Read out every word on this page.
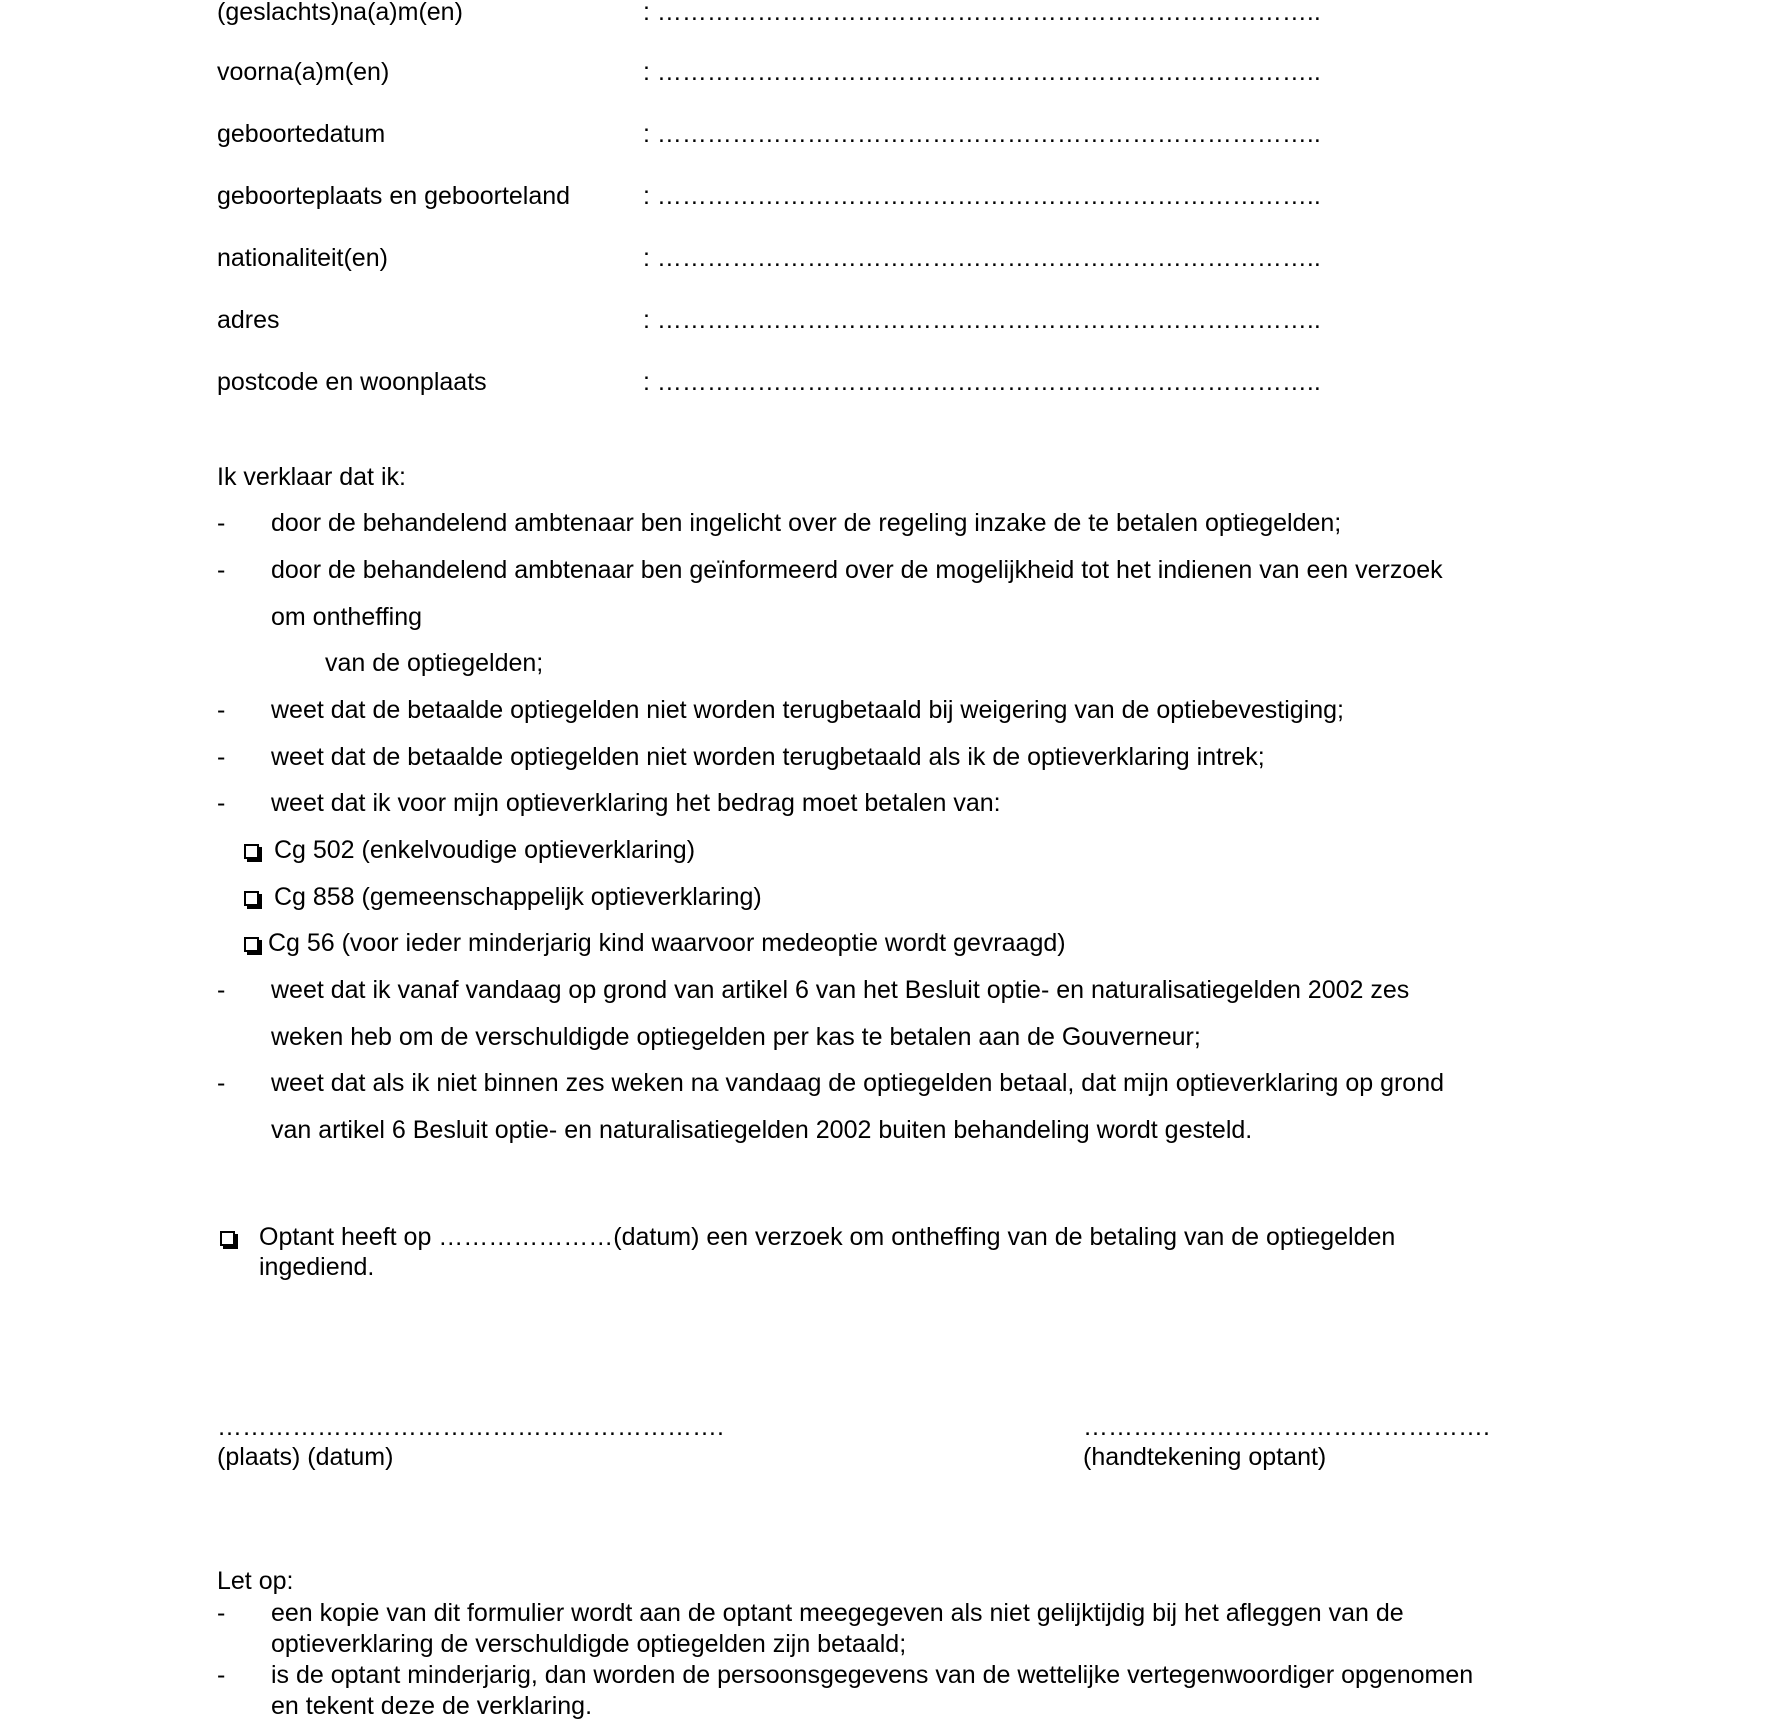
(geslachts)na(a)m(en)	: ……………………………………………………………………..
voorna(a)m(en)	: ……………………………………………………………………..
geboortedatum	: ……………………………………………………………………..
geboorteplaats en geboorteland	: ……………………………………………………………………..
nationaliteit(en)	: ……………………………………………………………………..
adres	: ……………………………………………………………………..
postcode en woonplaats	: ……………………………………………………………………..
Ik verklaar dat ik:
- door de behandelend ambtenaar ben ingelicht over de regeling inzake de te betalen optiegelden;
- door de behandelend ambtenaar ben geïnformeerd over de mogelijkheid tot het indienen van een verzoek
om ontheffing
van de optiegelden;
- weet dat de betaalde optiegelden niet worden terugbetaald bij weigering van de optiebevestiging;
- weet dat de betaalde optiegelden niet worden terugbetaald als ik de optieverklaring intrek;
- weet dat ik voor mijn optieverklaring het bedrag moet betalen van:
Cg 502 (enkelvoudige optieverklaring)
Cg 858 (gemeenschappelijk optieverklaring)
Cg 56 (voor ieder minderjarig kind waarvoor medeoptie wordt gevraagd)
- weet dat ik vanaf vandaag op grond van artikel 6 van het Besluit optie- en naturalisatiegelden 2002 zes
weken heb om de verschuldigde optiegelden per kas te betalen aan de Gouverneur;
- weet dat als ik niet binnen zes weken na vandaag de optiegelden betaal, dat mijn optieverklaring op grond
van artikel 6 Besluit optie- en naturalisatiegelden 2002 buiten behandeling wordt gesteld.
Optant heeft op …………………(datum) een verzoek om ontheffing van de betaling van de optiegelden
ingediend.
…………………………………………………….
(plaats) (datum)
………………………………………….
(handtekening optant)
Let op:
- een kopie van dit formulier wordt aan de optant meegegeven als niet gelijktijdig bij het afleggen van de
optieverklaring de verschuldigde optiegelden zijn betaald;
- is de optant minderjarig, dan worden de persoonsgegevens van de wettelijke vertegenwoordiger opgenomen
en tekent deze de verklaring.
